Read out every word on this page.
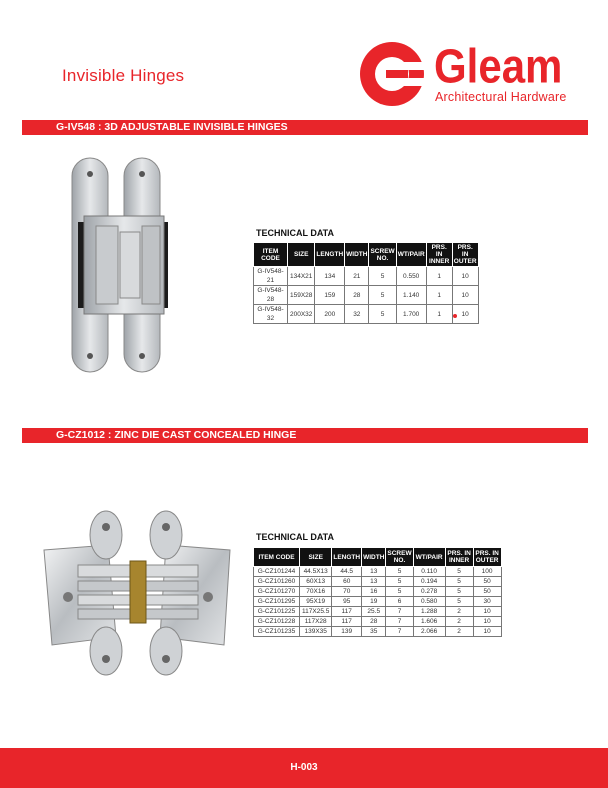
Invisible Hinges	Gleam
Architectural Hardware
G-IV548 : 3D ADJUSTABLE INVISIBLE HINGES
TECHNICAL DATA
ITEM CODE	SIZE	LENGTH	WIDTH	SCREW NO.	WT/PAIR	PRS. IN INNER	PRS. IN OUTER
G-IV548-21	134X21	134	21	5	0.550	1	10
G-IV548-28	159X28	159	28	5	1.140	1	10
G-IV548-32	200X32	200	32	5	1.700	1	10
G-CZ1012 : ZINC DIE CAST CONCEALED HINGE
TECHNICAL DATA
ITEM CODE	SIZE	LENGTH	WIDTH	SCREW NO.	WT/PAIR	PRS. IN INNER	PRS. IN OUTER
G-CZ101244	44.5X13	44.5	13	5	0.110	5	100
G-CZ101260	60X13	60	13	5	0.194	5	50
G-CZ101270	70X16	70	16	5	0.278	5	50
G-CZ101295	95X19	95	19	6	0.580	5	30
G-CZ101225	117X25.5	117	25.5	7	1.288	2	10
G-CZ101228	117X28	117	28	7	1.606	2	10
G-CZ101235	139X35	139	35	7	2.066	2	10
H-003
